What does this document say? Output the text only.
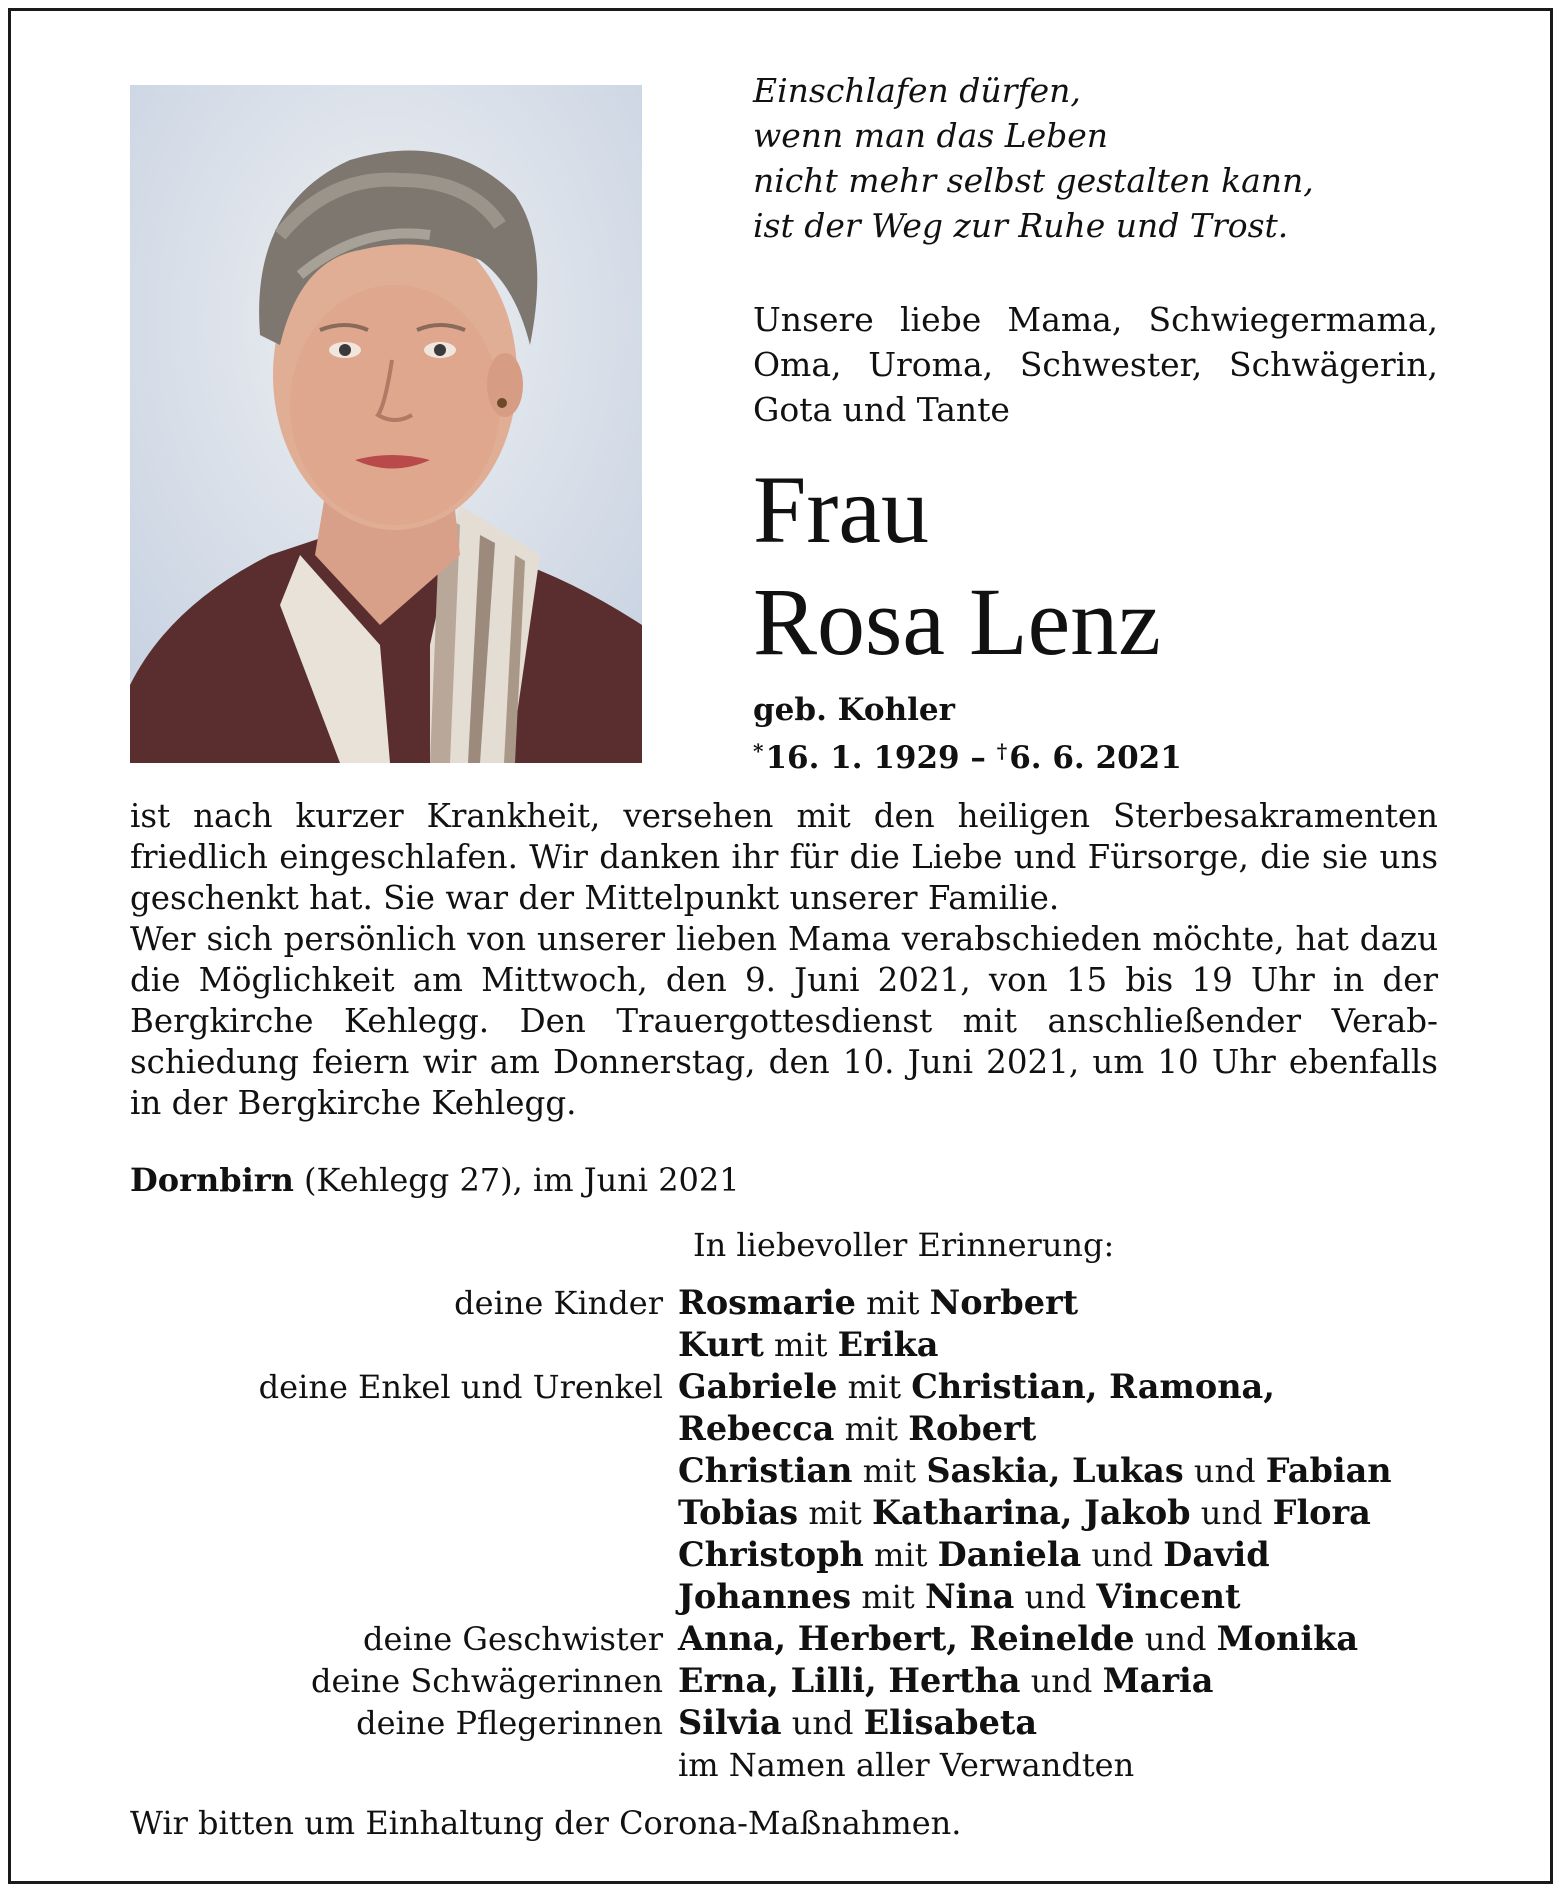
Einschlafen dürfen,
wenn man das Leben
nicht mehr selbst gestalten kann,
ist der Weg zur Ruhe und Trost.
Unsere liebe Mama, Schwiegermama, Oma, Uroma, Schwester, Schwägerin, Gota und Tante
Frau
Rosa Lenz
geb. Kohler
*16. 1. 1929 – †6. 6. 2021

ist nach kurzer Krankheit, versehen mit den heiligen Sterbesakramenten friedlich eingeschlafen. Wir danken ihr für die Liebe und Fürsorge, die sie uns geschenkt hat. Sie war der Mittelpunkt unserer Familie.

Wer sich persönlich von unserer lieben Mama verabschieden möchte, hat dazu die Möglichkeit am Mittwoch, den 9. Juni 2021, von 15 bis 19 Uhr in der Bergkirche Kehlegg. Den Trauergottesdienst mit anschließender Verabschiedung feiern wir am Donnerstag, den 10. Juni 2021, um 10 Uhr ebenfalls in der Bergkirche Kehlegg.

Dornbirn (Kehlegg 27), im Juni 2021
In liebevoller Erinnerung:
deine Kinder Rosmarie mit Norbert
Kurt mit Erika
deine Enkel und Urenkel Gabriele mit Christian, Ramona,
Rebecca mit Robert
Christian mit Saskia, Lukas und Fabian
Tobias mit Katharina, Jakob und Flora
Christoph mit Daniela und David
Johannes mit Nina und Vincent
deine Geschwister Anna, Herbert, Reinelde und Monika
deine Schwägerinnen Erna, Lilli, Hertha und Maria
deine Pflegerinnen Silvia und Elisabeta
im Namen aller Verwandten
Wir bitten um Einhaltung der Corona-Maßnahmen.
